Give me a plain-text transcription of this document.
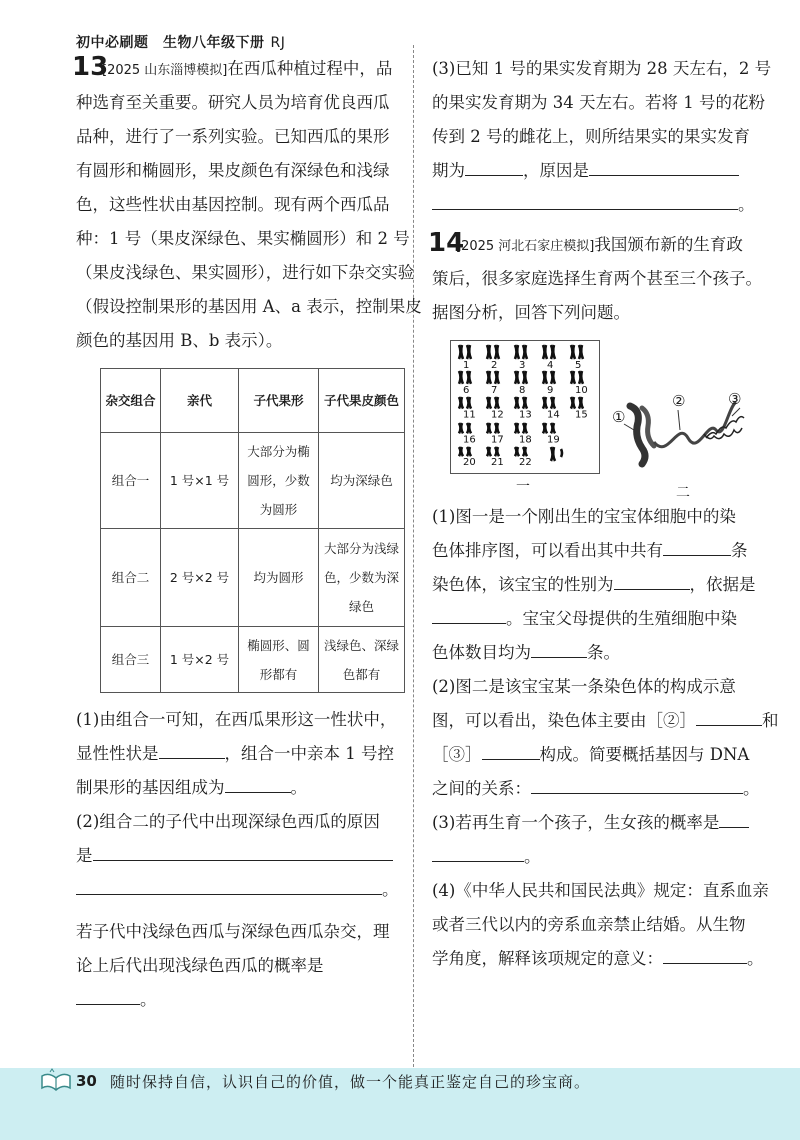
初中必刷题　生物八年级下册 RJ
13
[2025 山东淄博模拟]在西瓜种植过程中，品
种选育至关重要。研究人员为培育优良西瓜
品种，进行了一系列实验。已知西瓜的果形
有圆形和椭圆形，果皮颜色有深绿色和浅绿
色，这些性状由基因控制。现有两个西瓜品
种：1 号（果皮深绿色、果实椭圆形）和 2 号
（果皮浅绿色、果实圆形），进行如下杂交实验
（假设控制果形的基因用 A、a 表示，控制果皮
颜色的基因用 B、b 表示）。
杂交组合	亲代	子代果形	子代果皮颜色
组合一	1 号×1 号	大部分为椭圆形，少数为圆形	均为深绿色
组合二	2 号×2 号	均为圆形	大部分为浅绿色，少数为深绿色
组合三	1 号×2 号	椭圆形、圆形都有	浅绿色、深绿色都有
(1)由组合一可知，在西瓜果形这一性状中，
显性性状是	，组合一中亲本 1 号控
制果形的基因组成为	。
(2)组合二的子代中出现深绿色西瓜的原因
是
。
若子代中浅绿色西瓜与深绿色西瓜杂交，理
论上后代出现浅绿色西瓜的概率是
。
(3)已知 1 号的果实发育期为 28 天左右，2 号
的果实发育期为 34 天左右。若将 1 号的花粉
传到 2 号的雌花上，则所结果实的果实发育
期为	，原因是
。
14
[2025 河北石家庄模拟]我国颁布新的生育政
策后，很多家庭选择生育两个甚至三个孩子。
据图分析，回答下列问题。
1 2 3 4 5
6 7 8 9 10
11 12 13 14 15
16 17 18 19
20 21 22
一
①
②	③
二
(1)图一是一个刚出生的宝宝体细胞中的染
色体排序图，可以看出其中共有	条
染色体，该宝宝的性别为	，依据是
。宝宝父母提供的生殖细胞中染
色体数目均为	条。
(2)图二是该宝宝某一条染色体的构成示意
图，可以看出，染色体主要由［②］	和
［③］	构成。简要概括基因与 DNA
之间的关系：	。
(3)若再生育一个孩子，生女孩的概率是
。
(4)《中华人民共和国民法典》规定：直系血亲
或者三代以内的旁系血亲禁止结婚。从生物
学角度，解释该项规定的意义：	。
30 随时保持自信，认识自己的价值，做一个能真正鉴定自己的珍宝商。
